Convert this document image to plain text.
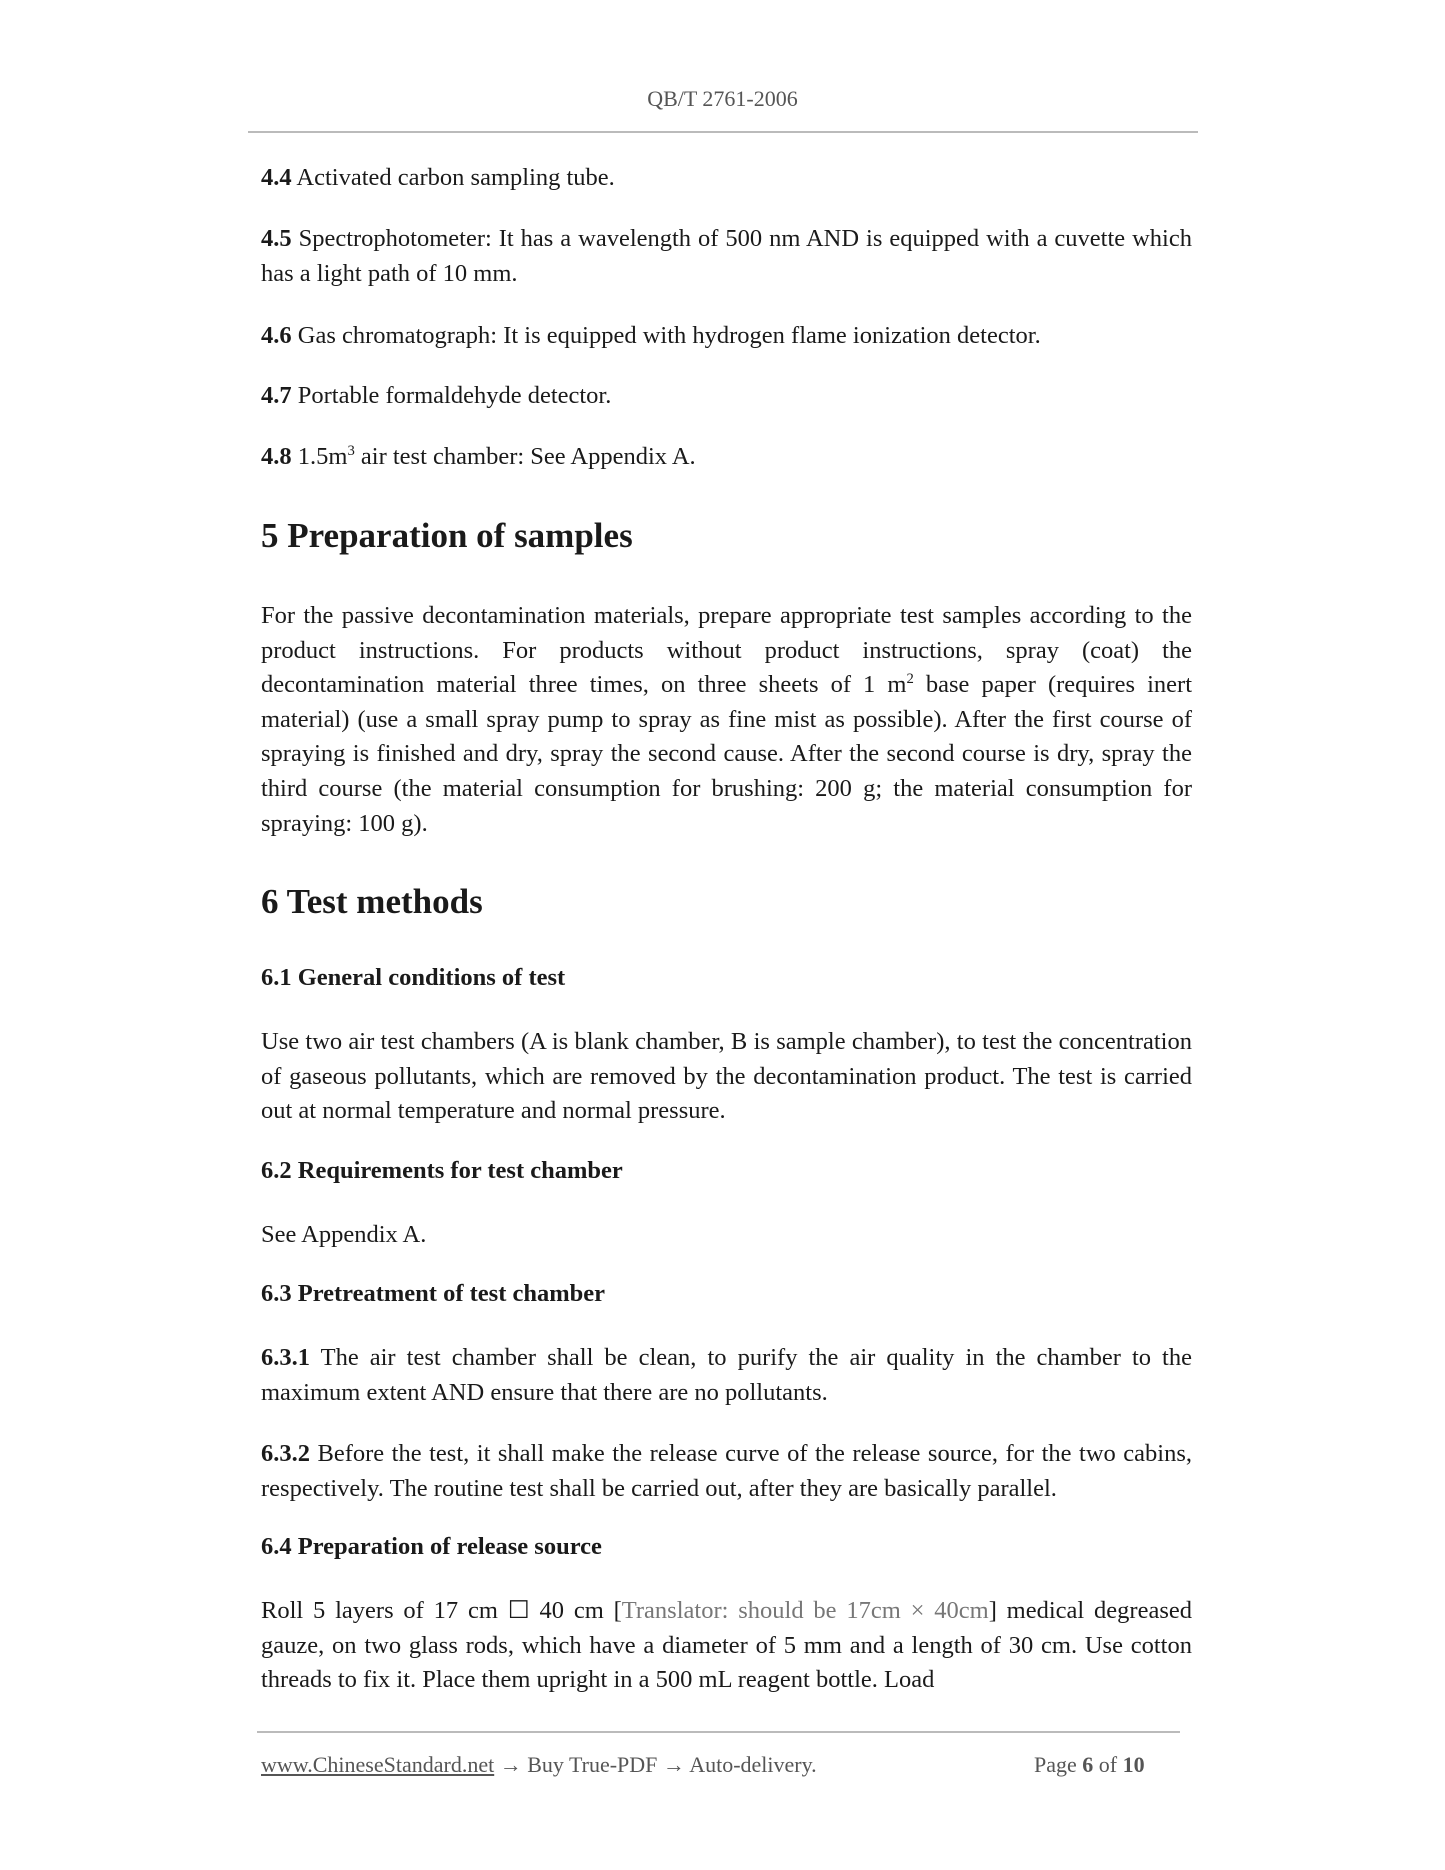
QB/T 2761-2006
4.4 Activated carbon sampling tube.
4.5 Spectrophotometer: It has a wavelength of 500 nm AND is equipped with a cuvette which has a light path of 10 mm.
4.6 Gas chromatograph: It is equipped with hydrogen flame ionization detector.
4.7 Portable formaldehyde detector.
4.8 $1.5m^3$ air test chamber: See Appendix A.
5 Preparation of samples
For the passive decontamination materials, prepare appropriate test samples according to the product instructions. For products without product instructions, spray (coat) the decontamination material three times, on three sheets of 1 $m^2$ base paper (requires inert material) (use a small spray pump to spray as fine mist as possible). After the first course of spraying is finished and dry, spray the second cause. After the second course is dry, spray the third course (the material consumption for brushing: 200 g; the material consumption for spraying: 100 g).
6 Test methods
6.1 General conditions of test
Use two air test chambers (A is blank chamber, B is sample chamber), to test the concentration of gaseous pollutants, which are removed by the decontamination product. The test is carried out at normal temperature and normal pressure.
6.2 Requirements for test chamber
See Appendix A.
6.3 Pretreatment of test chamber
6.3.1 The air test chamber shall be clean, to purify the air quality in the chamber to the maximum extent AND ensure that there are no pollutants.
6.3.2 Before the test, it shall make the release curve of the release source, for the two cabins, respectively. The routine test shall be carried out, after they are basically parallel.
6.4 Preparation of release source
Roll 5 layers of 17 cm ☐ 40 cm [Translator: should be 17cm × 40cm] medical degreased gauze, on two glass rods, which have a diameter of 5 mm and a length of 30 cm. Use cotton threads to fix it. Place them upright in a 500 mL reagent bottle. Load
www.ChineseStandard.net → Buy True-PDF → Auto-delivery.	Page 6 of 10
